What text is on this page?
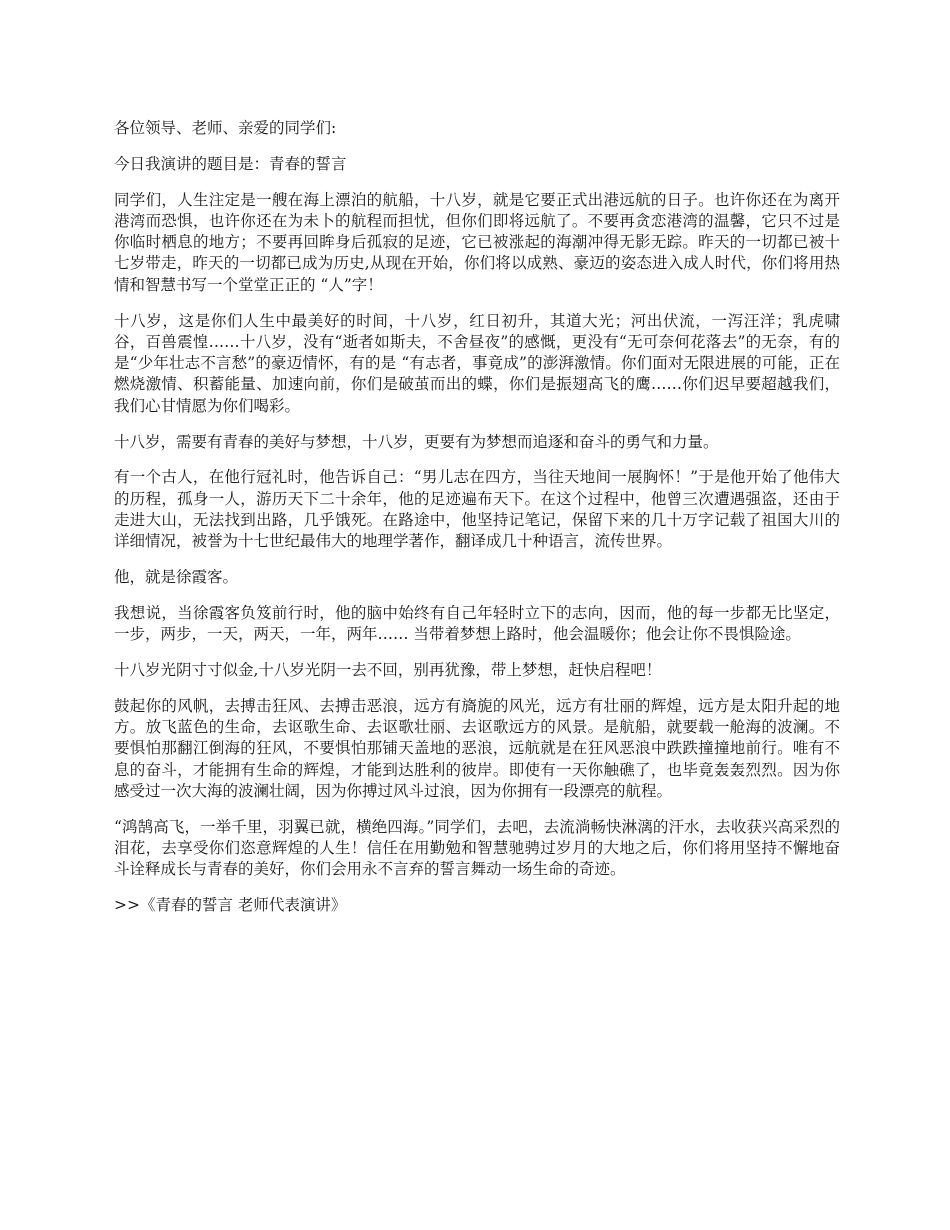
各位领导、老师、亲爱的同学们:

今日我演讲的题目是：青春的誓言

同学们，人生注定是一艘在海上漂泊的航船，十八岁，就是它要正式出港远航的日子。也许你还在为离开港湾而恐惧，也许你还在为未卜的航程而担忧，但你们即将远航了。不要再贪恋港湾的温馨，它只不过是你临时栖息的地方；不要再回眸身后孤寂的足迹，它已被涨起的海潮冲得无影无踪。昨天的一切都已被十七岁带走，昨天的一切都已成为历史,从现在开始，你们将以成熟、豪迈的姿态进入成人时代，你们将用热情和智慧书写一个堂堂正正的 “人”字！

十八岁，这是你们人生中最美好的时间，十八岁，红日初升，其道大光；河出伏流，一泻汪洋；乳虎啸谷，百兽震惶……十八岁，没有“逝者如斯夫，不舍昼夜”的感慨，更没有“无可奈何花落去”的无奈，有的是“少年壮志不言愁”的豪迈情怀，有的是 “有志者，事竟成”的澎湃激情。你们面对无限进展的可能，正在燃烧激情、积蓄能量、加速向前，你们是破茧而出的蝶，你们是振翅高飞的鹰……你们迟早要超越我们，我们心甘情愿为你们喝彩。

十八岁，需要有青春的美好与梦想，十八岁，更要有为梦想而追逐和奋斗的勇气和力量。

有一个古人，在他行冠礼时，他告诉自己：“男儿志在四方，当往天地间一展胸怀！”于是他开始了他伟大的历程，孤身一人，游历天下二十余年，他的足迹遍布天下。在这个过程中，他曾三次遭遇强盗，还由于走进大山，无法找到出路，几乎饿死。在路途中，他坚持记笔记，保留下来的几十万字记载了祖国大川的详细情况，被誉为十七世纪最伟大的地理学著作，翻译成几十种语言，流传世界。

他，就是徐霞客。

我想说，当徐霞客负笈前行时，他的脑中始终有自己年轻时立下的志向，因而，他的每一步都无比坚定，一步，两步，一天，两天，一年，两年…… 当带着梦想上路时，他会温暖你；他会让你不畏惧险途。

十八岁光阴寸寸似金,十八岁光阴一去不回，别再犹豫，带上梦想，赶快启程吧！

鼓起你的风帆，去搏击狂风、去搏击恶浪，远方有旖旎的风光，远方有壮丽的辉煌，远方是太阳升起的地方。放飞蓝色的生命，去讴歌生命、去讴歌壮丽、去讴歌远方的风景。是航船，就要载一舱海的波澜。不要惧怕那翻江倒海的狂风，不要惧怕那铺天盖地的恶浪，远航就是在狂风恶浪中跌跌撞撞地前行。唯有不息的奋斗，才能拥有生命的辉煌，才能到达胜利的彼岸。即使有一天你触礁了，也毕竟轰轰烈烈。因为你感受过一次大海的波澜壮阔，因为你搏过风斗过浪，因为你拥有一段漂亮的航程。

“鸿鹄高飞，一举千里，羽翼已就，横绝四海。”同学们，去吧，去流淌畅快淋漓的汗水，去收获兴高采烈的泪花，去享受你们恣意辉煌的人生！信任在用勤勉和智慧驰骋过岁月的大地之后，你们将用坚持不懈地奋斗诠释成长与青春的美好，你们会用永不言弃的誓言舞动一场生命的奇迹。

>>《青春的誓言 老师代表演讲》
